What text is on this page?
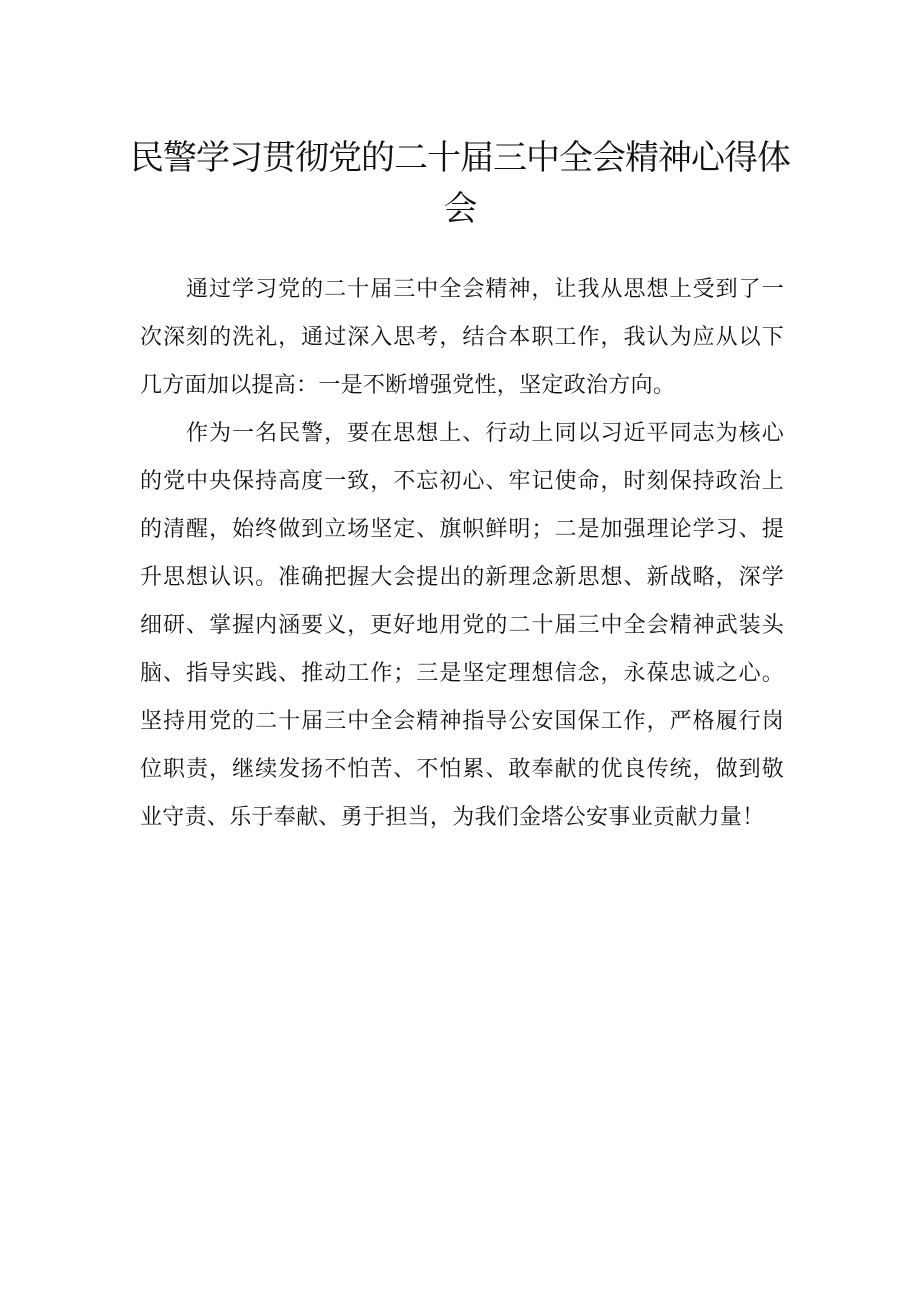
民警学习贯彻党的二十届三中全会精神心得体会

通过学习党的二十届三中全会精神，让我从思想上受到了一次深刻的洗礼，通过深入思考，结合本职工作，我认为应从以下几方面加以提高：一是不断增强党性，坚定政治方向。

作为一名民警，要在思想上、行动上同以习近平同志为核心的党中央保持高度一致，不忘初心、牢记使命，时刻保持政治上的清醒，始终做到立场坚定、旗帜鲜明；二是加强理论学习、提升思想认识。准确把握大会提出的新理念新思想、新战略，深学细研、掌握内涵要义，更好地用党的二十届三中全会精神武装头脑、指导实践、推动工作；三是坚定理想信念，永葆忠诚之心。坚持用党的二十届三中全会精神指导公安国保工作，严格履行岗位职责，继续发扬不怕苦、不怕累、敢奉献的优良传统，做到敬业守责、乐于奉献、勇于担当，为我们金塔公安事业贡献力量！
